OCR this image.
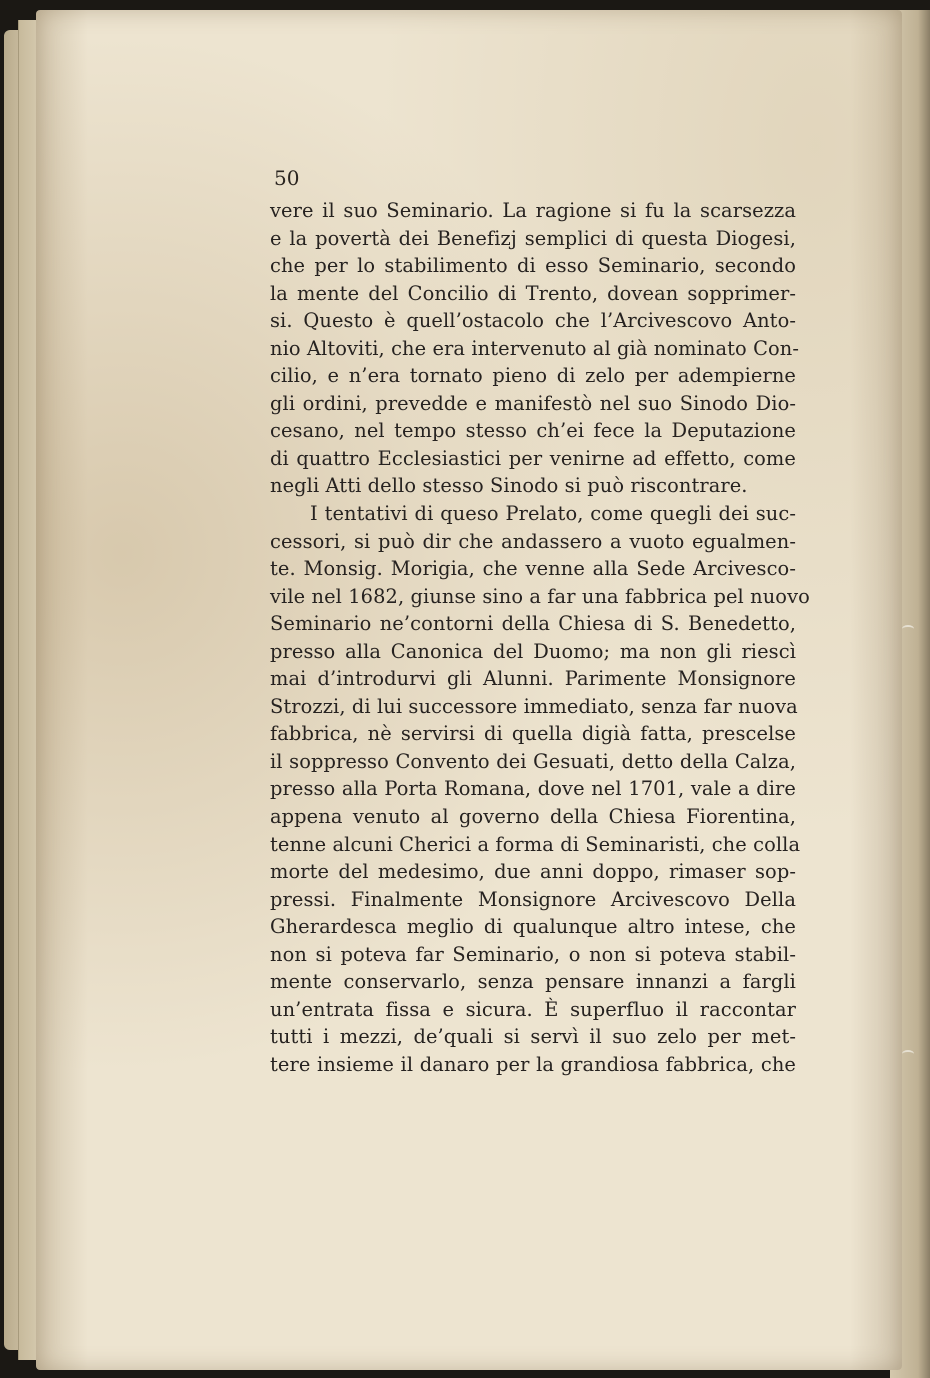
50
vere il suo Seminario. La ragione si fu la scarsezza
e la povertà dei Benefizj semplici di questa Diogesi,
che per lo stabilimento di esso Seminario, secondo
la mente del Concilio di Trento, dovean sopprimer-
si. Questo è quell’ostacolo che l’Arcivescovo Anto-
nio Altoviti, che era intervenuto al già nominato Con-
cilio, e n’era tornato pieno di zelo per adempierne
gli ordini, prevedde e manifestò nel suo Sinodo Dio-
cesano, nel tempo stesso ch’ei fece la Deputazione
di quattro Ecclesiastici per venirne ad effetto, come
negli Atti dello stesso Sinodo si può riscontrare.
I tentativi di queso Prelato, come quegli dei suc-
cessori, si può dir che andassero a vuoto egualmen-
te. Monsig. Morigia, che venne alla Sede Arcivesco-
vile nel 1682, giunse sino a far una fabbrica pel nuovo
Seminario ne’contorni della Chiesa di S. Benedetto,
presso alla Canonica del Duomo; ma non gli riescì
mai d’introdurvi gli Alunni. Parimente Monsignore
Strozzi, di lui successore immediato, senza far nuova
fabbrica, nè servirsi di quella digià fatta, prescelse
il soppresso Convento dei Gesuati, detto della Calza,
presso alla Porta Romana, dove nel 1701, vale a dire
appena venuto al governo della Chiesa Fiorentina,
tenne alcuni Cherici a forma di Seminaristi, che colla
morte del medesimo, due anni doppo, rimaser sop-
pressi. Finalmente Monsignore Arcivescovo Della
Gherardesca meglio di qualunque altro intese, che
non si poteva far Seminario, o non si poteva stabil-
mente conservarlo, senza pensare innanzi a fargli
un’entrata fissa e sicura. È superfluo il raccontar
tutti i mezzi, de’quali si servì il suo zelo per met-
tere insieme il danaro per la grandiosa fabbrica, che
